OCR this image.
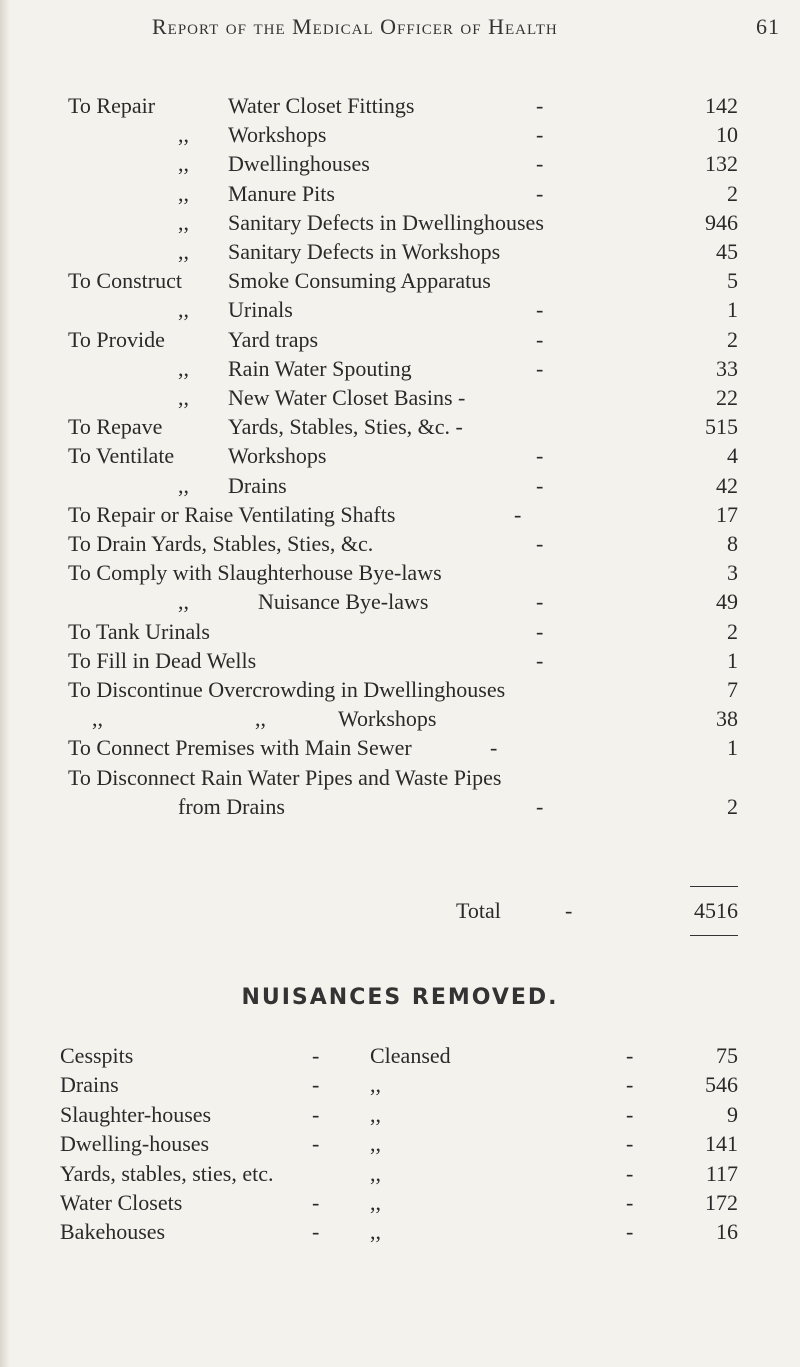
Report of the Medical Officer of Health	61
To Repair	Water Closet Fittings	-	142
,, Workshops	-	10
,, Dwellinghouses	-	132
,, Manure Pits	-	2
,, Sanitary Defects in Dwellinghouses	946
,, Sanitary Defects in Workshops	45
To Construct Smoke Consuming Apparatus	5
,, Urinals	-	1
To Provide	Yard traps	-	2
,, Rain Water Spouting	-	33
,, New Water Closet Basins -	22
To Repave	Yards, Stables, Sties, &c. -	515
To Ventilate Workshops	-	4
,, Drains	-	42
To Repair or Raise Ventilating Shafts	-	17
To Drain Yards, Stables, Sties, &c.	-	8
To Comply with Slaughterhouse Bye-laws	3
,,	Nuisance Bye-laws	-	49
To Tank Urinals	-	2
To Fill in Dead Wells	-	1
To Discontinue Overcrowding in Dwellinghouses	7
,,	,,	Workshops	38
To Connect Premises with Main Sewer	-	1
To Disconnect Rain Water Pipes and Waste Pipes
from Drains	-	2
Total	-	4516
NUISANCES REMOVED.
Cesspits	- Cleansed	-	75
Drains	- ,,	-	546
Slaughter-houses	- ,,	-	9
Dwelling-houses	- ,,	-	141
Yards, stables, sties, etc.	,,	-	117
Water Closets	- ,,	-	172
Bakehouses	- ,,	-	16
